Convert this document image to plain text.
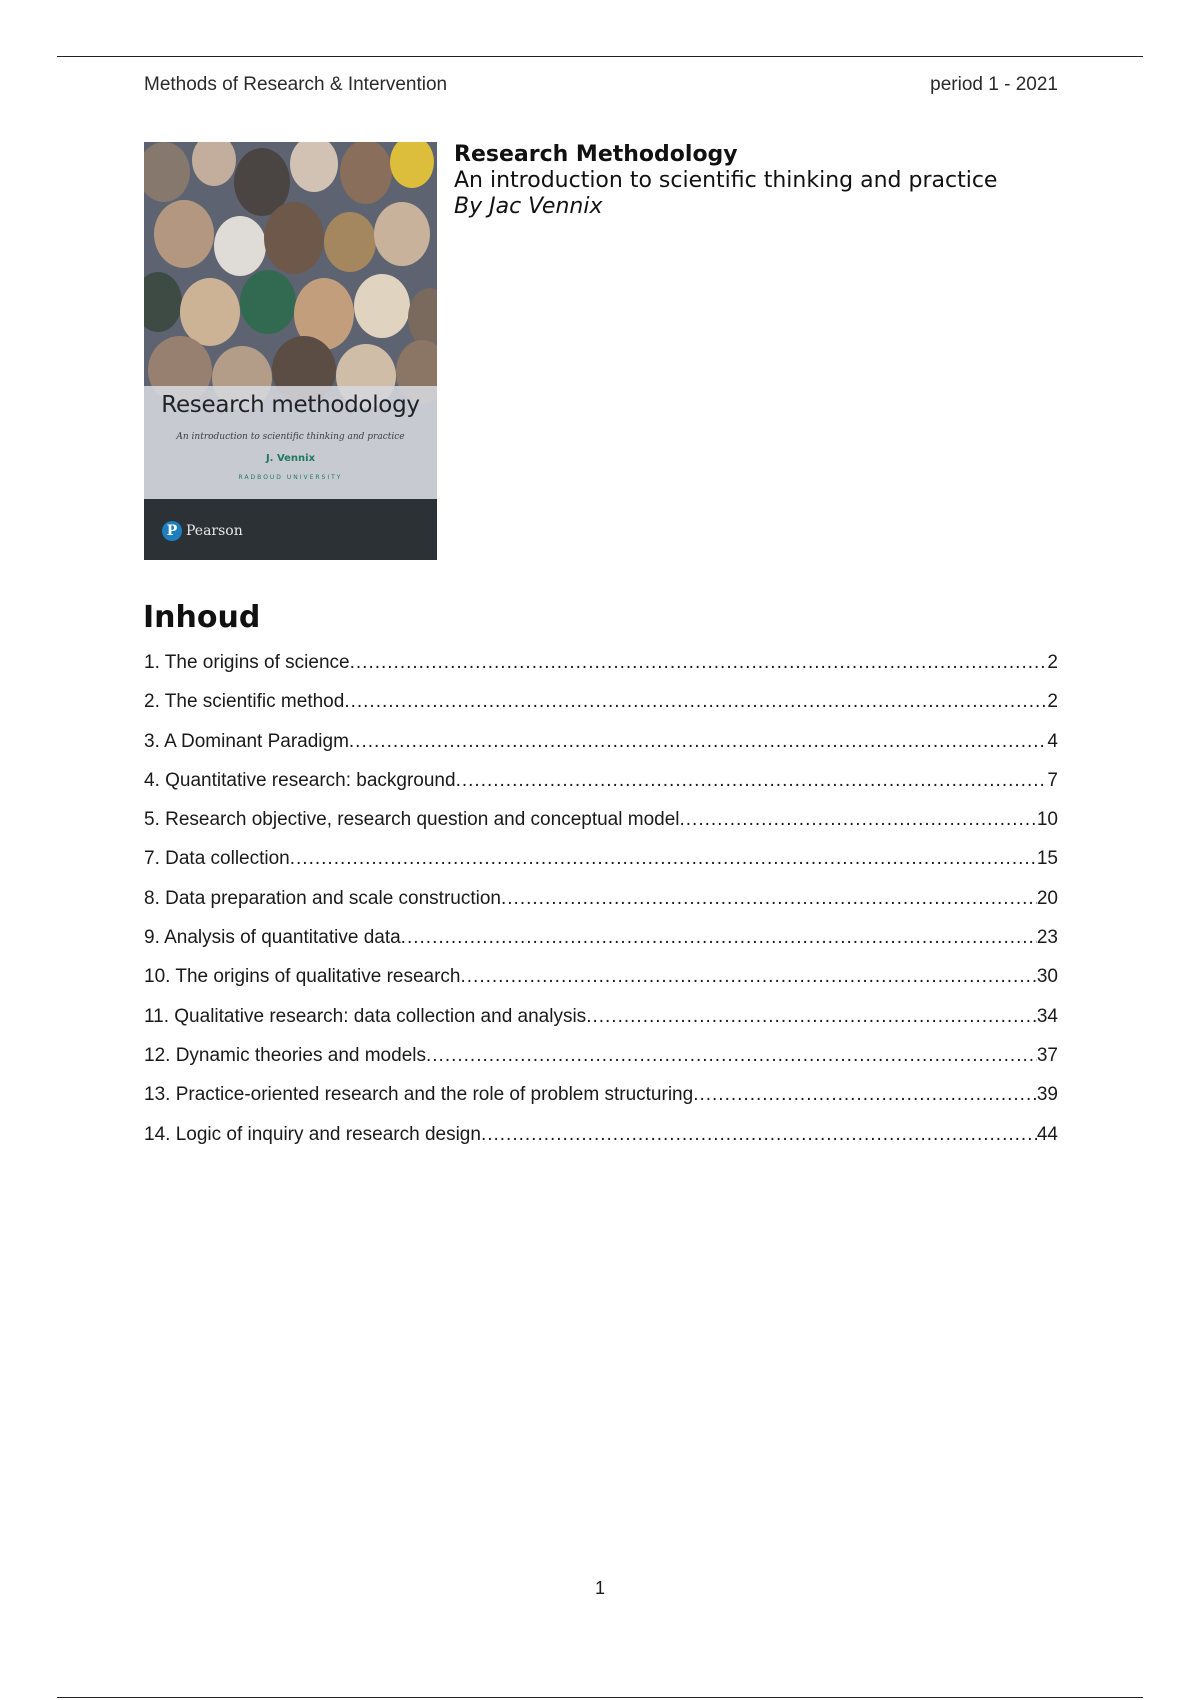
Methods of Research & Intervention	period 1 - 2021
Research methodology
An introduction to scientific thinking and practice
J. Vennix
RADBOUD UNIVERSITY
P Pearson
Research Methodology
An introduction to scientific thinking and practice
By Jac Vennix
Inhoud
1. The origins of science .....	2
2. The scientific method .....	2
3. A Dominant Paradigm .....	4
4. Quantitative research: background .....	7
5. Research objective, research question and conceptual model .....	10
7. Data collection .....	15
8. Data preparation and scale construction .....	20
9. Analysis of quantitative data .....	23
10. The origins of qualitative research .....	30
11. Qualitative research: data collection and analysis .....	34
12. Dynamic theories and models .....	37
13. Practice-oriented research and the role of problem structuring .....	39
14. Logic of inquiry and research design .....	44
1
